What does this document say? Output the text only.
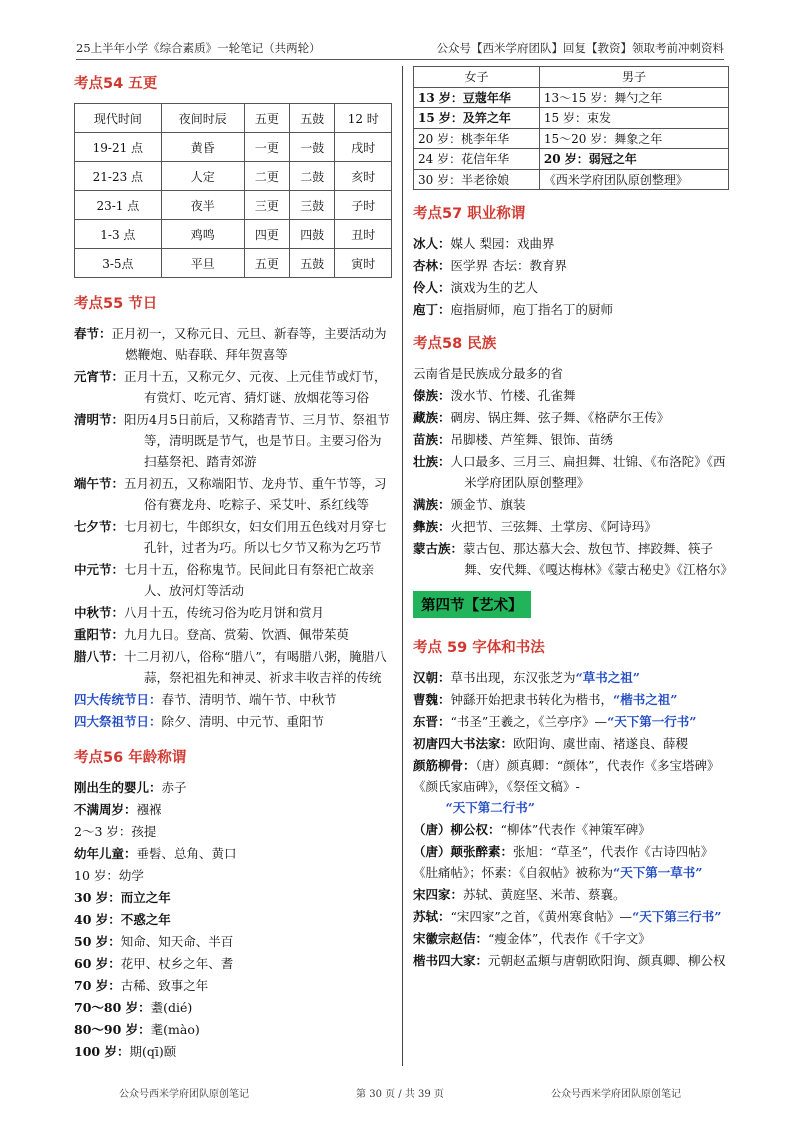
25上半年小学《综合素质》一轮笔记（共两轮）	公众号【西米学府团队】回复【教资】领取考前冲刺资料
考点54 五更
现代时间	夜间时辰	五更	五鼓	12 时
19-21 点	黄昏	一更	一鼓	戌时
21-23 点	人定	二更	二鼓	亥时
23-1 点	夜半	三更	三鼓	子时
1-3 点	鸡鸣	四更	四鼓	丑时
3-5点	平旦	五更	五鼓	寅时
考点55 节日
春节：正月初一，又称元日、元旦、新春等，主要活动为燃鞭炮、贴春联、拜年贺喜等
元宵节：正月十五，又称元夕、元夜、上元佳节或灯节，有赏灯、吃元宵、猜灯谜、放烟花等习俗
清明节：阳历4月5日前后，又称踏青节、三月节、祭祖节等，清明既是节气，也是节日。主要习俗为扫墓祭祀、踏青郊游
端午节：五月初五，又称端阳节、龙舟节、重午节等，习俗有赛龙舟、吃粽子、采艾叶、系红线等
七夕节：七月初七，牛郎织女，妇女们用五色线对月穿七孔针，过者为巧。所以七夕节又称为乞巧节
中元节：七月十五，俗称鬼节。民间此日有祭祀亡故亲人、放河灯等活动
中秋节：八月十五，传统习俗为吃月饼和赏月
重阳节：九月九日。登高、赏菊、饮酒、佩带茱萸
腊八节：十二月初八，俗称“腊八”，有喝腊八粥，腌腊八蒜，祭祀祖先和神灵、祈求丰收吉祥的传统
四大传统节日：春节、清明节、端午节、中秋节
四大祭祖节日：除夕、清明、中元节、重阳节
考点56 年龄称谓
刚出生的婴儿：赤子
不满周岁：襁褓
2～3 岁：孩提
幼年儿童：垂髫、总角、黄口
10 岁：幼学
30 岁：而立之年
40 岁：不惑之年
50 岁：知命、知天命、半百
60 岁：花甲、杖乡之年、耆
70 岁：古稀、致事之年
70～80 岁：耋(dié)
80～90 岁：耄(mào)
100 岁：期(qī)颐
女子	男子
13 岁：豆蔻年华	13～15 岁：舞勺之年
15 岁：及笄之年	15 岁：束发
20 岁：桃李年华	15～20 岁：舞象之年
24 岁：花信年华	20 岁：弱冠之年
30 岁：半老徐娘	《西米学府团队原创整理》
考点57 职业称谓
冰人：媒人 梨园：戏曲界
杏林：医学界 杏坛：教育界
伶人：演戏为生的艺人
庖丁：庖指厨师，庖丁指名丁的厨师
考点58 民族
云南省是民族成分最多的省
傣族：泼水节、竹楼、孔雀舞
藏族：碉房、锅庄舞、弦子舞、《格萨尔王传》
苗族：吊脚楼、芦笙舞、银饰、苗绣
壮族：人口最多、三月三、扁担舞、壮锦、《布洛陀》《西米学府团队原创整理》
满族：颁金节、旗装
彝族：火把节、三弦舞、土掌房、《阿诗玛》
蒙古族：蒙古包、那达慕大会、敖包节、摔跤舞、筷子舞、安代舞、《嘎达梅林》《蒙古秘史》《江格尔》
第四节【艺术】
考点 59 字体和书法
汉朝：草书出现，东汉张芝为“草书之祖”
曹魏：钟繇开始把隶书转化为楷书，“楷书之祖”
东晋：“书圣”王羲之，《兰亭序》—“天下第一行书”
初唐四大书法家：欧阳询、虞世南、褚遂良、薛稷
颜筋柳骨：（唐）颜真卿：“颜体”，代表作《多宝塔碑》《颜氏家庙碑》，《祭侄文稿》-
“天下第二行书”
（唐）柳公权：“柳体”代表作《神策军碑》
（唐）颠张醉素：张旭：“草圣”，代表作《古诗四帖》《肚痛帖》；怀素：《自叙帖》被称为“天下第一草书”
宋四家：苏轼、黄庭坚、米芾、蔡襄。
苏轼：“宋四家”之首，《黄州寒食帖》—“天下第三行书”
宋徽宗赵佶：“瘦金体”，代表作《千字文》
楷书四大家：元朝赵孟頫与唐朝欧阳询、颜真卿、柳公权
公众号西米学府团队原创笔记	第 30 页 / 共 39 页	公众号西米学府团队原创笔记
